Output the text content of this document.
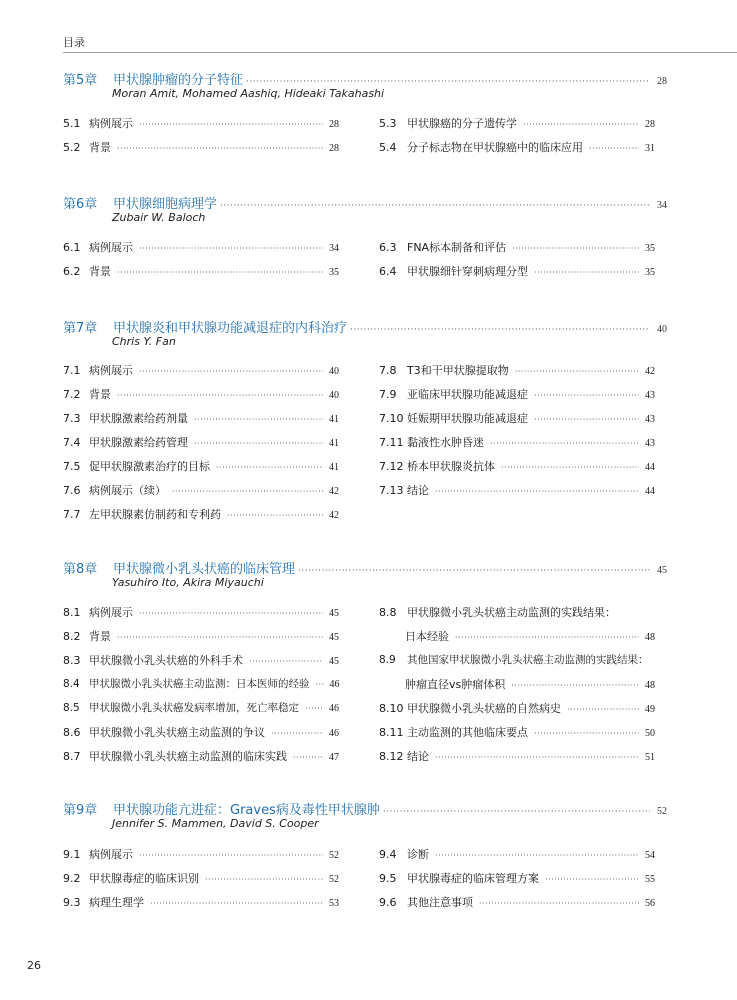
目录
第5章	甲状腺肿瘤的分子特征 ·····	28
Moran Amit, Mohamed Aashiq, Hideaki Takahashi
5.1 病例展示 ·····	28
5.2 背景 ·····	28
5.3 甲状腺癌的分子遗传学 ·····	28
5.4 分子标志物在甲状腺癌中的临床应用 ·····	31
第6章	甲状腺细胞病理学 ·····	34
Zubair W. Baloch
6.1 病例展示 ·····	34
6.2 背景 ·····	35
6.3 FNA标本制备和评估 ·····	35
6.4 甲状腺细针穿刺病理分型 ·····	35
第7章	甲状腺炎和甲状腺功能减退症的内科治疗 ·····	40
Chris Y. Fan
7.1 病例展示 ·····	40
7.2 背景 ·····	40
7.3 甲状腺激素给药剂量 ·····	41
7.4 甲状腺激素给药管理 ·····	41
7.5 促甲状腺激素治疗的目标 ·····	41
7.6 病例展示（续） ·····	42
7.7 左甲状腺素仿制药和专利药 ·····	42
7.8 T3和干甲状腺提取物 ·····	42
7.9 亚临床甲状腺功能减退症 ·····	43
7.10 妊娠期甲状腺功能减退症 ·····	43
7.11 黏液性水肿昏迷 ·····	43
7.12 桥本甲状腺炎抗体 ·····	44
7.13 结论 ·····	44
第8章	甲状腺微小乳头状癌的临床管理 ·····	45
Yasuhiro Ito, Akira Miyauchi
8.1 病例展示 ·····	45
8.2 背景 ·····	45
8.3 甲状腺微小乳头状癌的外科手术 ·····	45
8.4 甲状腺微小乳头状癌主动监测：日本医师的经验 ·····	46
8.5 甲状腺微小乳头状癌发病率增加，死亡率稳定 ·····	46
8.6 甲状腺微小乳头状癌主动监测的争议 ·····	46
8.7 甲状腺微小乳头状癌主动监测的临床实践 ·····	47
8.8 甲状腺微小乳头状癌主动监测的实践结果：
日本经验 ·····	48
8.9	其他国家甲状腺微小乳头状癌主动监测的实践结果：
肿瘤直径vs肿瘤体积 ·····	48
8.10 甲状腺微小乳头状癌的自然病史 ·····	49
8.11 主动监测的其他临床要点 ·····	50
8.12 结论 ·····	51
第9章	甲状腺功能亢进症：Graves病及毒性甲状腺肿 ·····	52
Jennifer S. Mammen, David S. Cooper
9.1 病例展示 ·····	52
9.2 甲状腺毒症的临床识别 ·····	52
9.3 病理生理学 ·····	53
9.4 诊断 ·····	54
9.5 甲状腺毒症的临床管理方案 ·····	55
9.6 其他注意事项 ·····	56
26
